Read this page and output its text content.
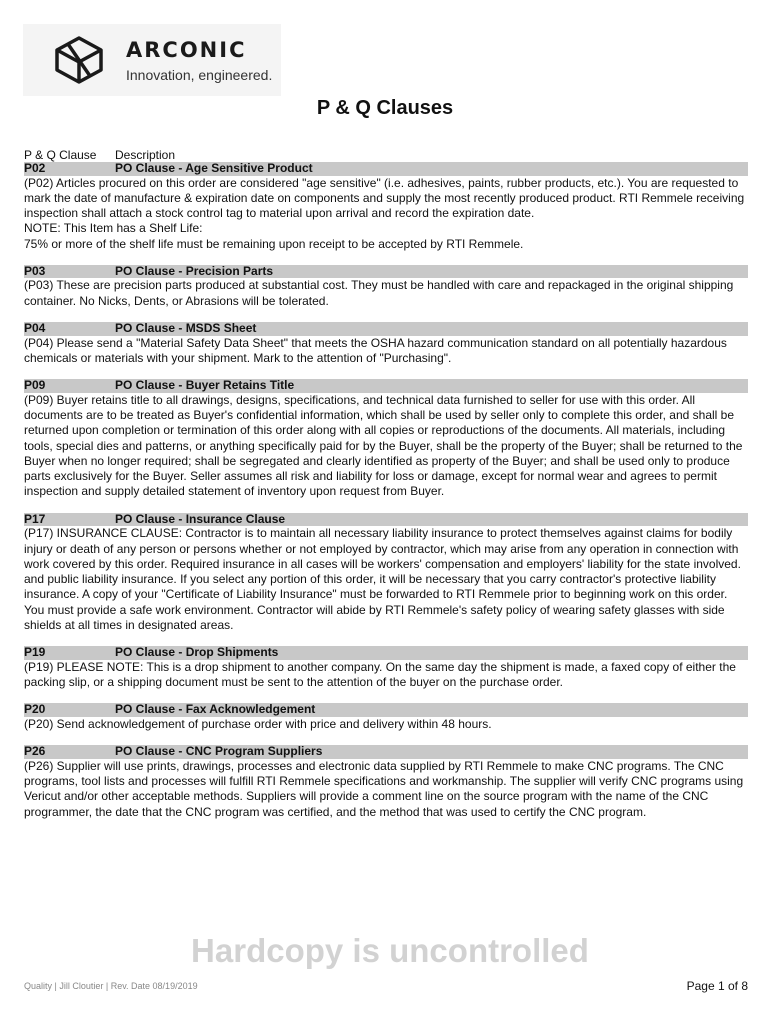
ARCONIC
Innovation, engineered.
P & Q Clauses
P & Q Clause	Description
P02	PO Clause - Age Sensitive Product

(P02) Articles procured on this order are considered "age sensitive" (i.e. adhesives, paints, rubber products, etc.). You are requested to mark the date of manufacture & expiration date on components and supply the most recently produced product. RTI Remmele receiving inspection shall attach a stock control tag to material upon arrival and record the expiration date.

NOTE: This Item has a Shelf Life:

75% or more of the shelf life must be remaining upon receipt to be accepted by RTI Remmele.

P03	PO Clause - Precision Parts

(P03) These are precision parts produced at substantial cost. They must be handled with care and repackaged in the original shipping container. No Nicks, Dents, or Abrasions will be tolerated.

P04	PO Clause - MSDS Sheet

(P04) Please send a "Material Safety Data Sheet" that meets the OSHA hazard communication standard on all potentially hazardous chemicals or materials with your shipment. Mark to the attention of "Purchasing".

P09	PO Clause - Buyer Retains Title

(P09) Buyer retains title to all drawings, designs, specifications, and technical data furnished to seller for use with this order. All documents are to be treated as Buyer's confidential information, which shall be used by seller only to complete this order, and shall be returned upon completion or termination of this order along with all copies or reproductions of the documents. All materials, including tools, special dies and patterns, or anything specifically paid for by the Buyer, shall be the property of the Buyer; shall be returned to the Buyer when no longer required; shall be segregated and clearly identified as property of the Buyer; and shall be used only to produce parts exclusively for the Buyer. Seller assumes all risk and liability for loss or damage, except for normal wear and agrees to permit inspection and supply detailed statement of inventory upon request from Buyer.

P17	PO Clause - Insurance Clause

(P17) INSURANCE CLAUSE: Contractor is to maintain all necessary liability insurance to protect themselves against claims for bodily injury or death of any person or persons whether or not employed by contractor, which may arise from any operation in connection with work covered by this order. Required insurance in all cases will be workers' compensation and employers' liability for the state involved. and public liability insurance. If you select any portion of this order, it will be necessary that you carry contractor's protective liability insurance. A copy of your "Certificate of Liability Insurance" must be forwarded to RTI Remmele prior to beginning work on this order. You must provide a safe work environment. Contractor will abide by RTI Remmele's safety policy of wearing safety glasses with side shields at all times in designated areas.

P19	PO Clause - Drop Shipments

(P19) PLEASE NOTE: This is a drop shipment to another company. On the same day the shipment is made, a faxed copy of either the packing slip, or a shipping document must be sent to the attention of the buyer on the purchase order.

P20	PO Clause - Fax Acknowledgement

(P20) Send acknowledgement of purchase order with price and delivery within 48 hours.

P26	PO Clause - CNC Program Suppliers

(P26) Supplier will use prints, drawings, processes and electronic data supplied by RTI Remmele to make CNC programs. The CNC programs, tool lists and processes will fulfill RTI Remmele specifications and workmanship. The supplier will verify CNC programs using Vericut and/or other acceptable methods. Suppliers will provide a comment line on the source program with the name of the CNC programmer, the date that the CNC program was certified, and the method that was used to certify the CNC program.

Hardcopy is uncontrolled
Quality | Jill Cloutier | Rev. Date 08/19/2019	Page 1 of 8
